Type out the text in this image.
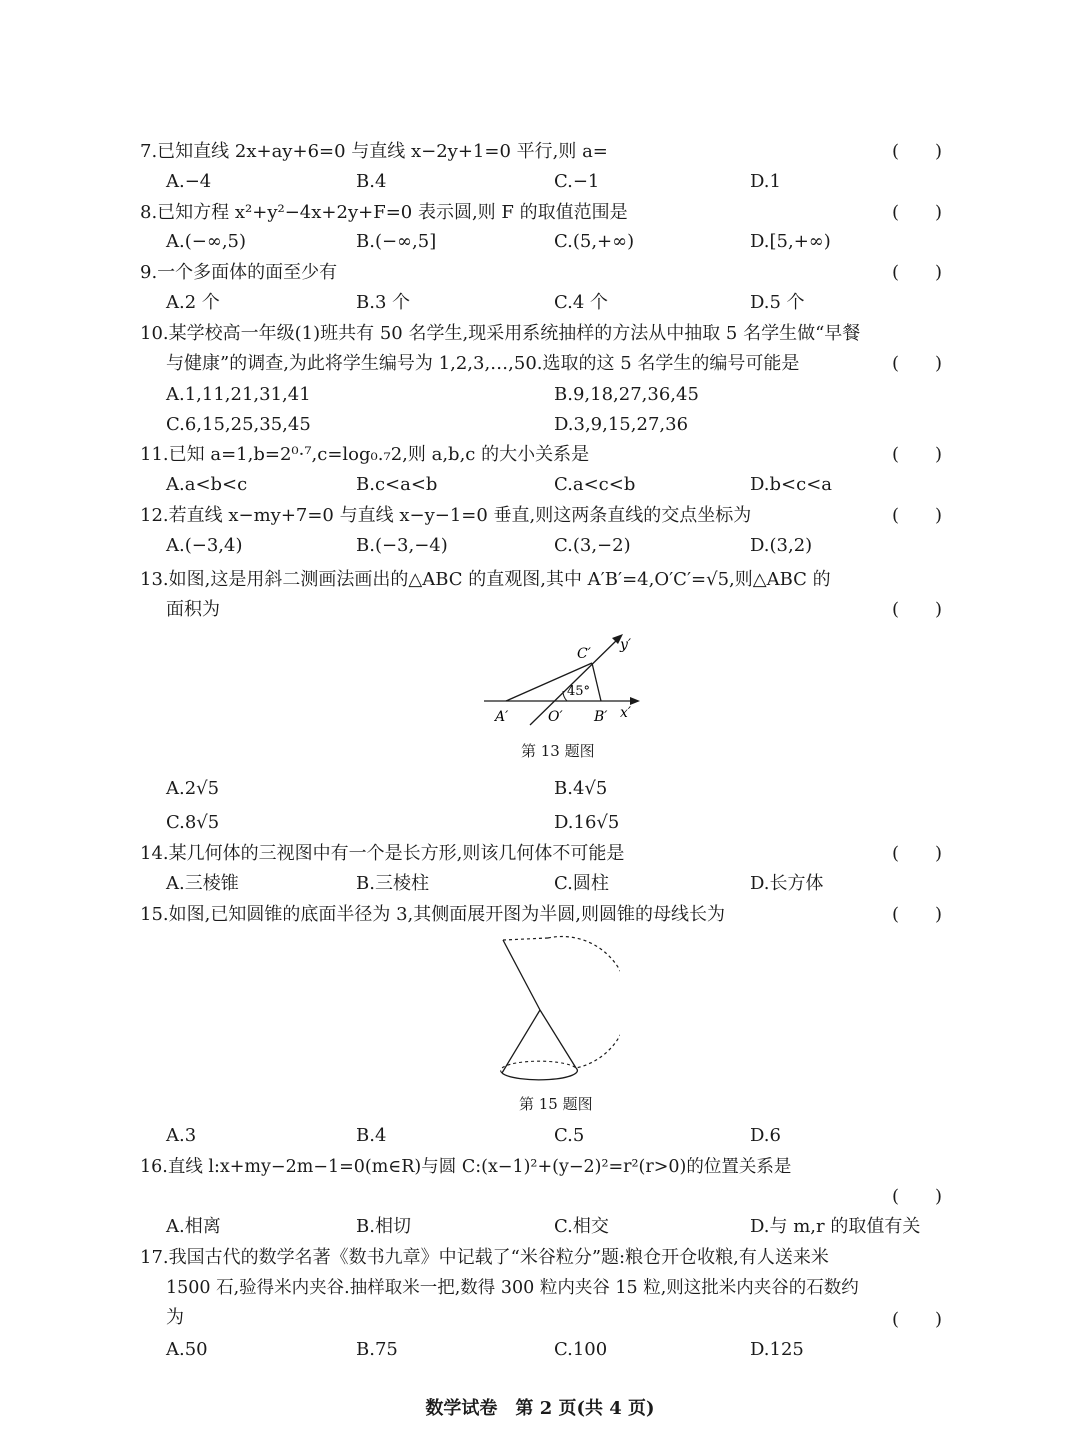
7.已知直线 2x+ay+6=0 与直线 x−2y+1=0 平行,则 a=	(　　)
A.−4	B.4	C.−1	D.1
8.已知方程 x²+y²−4x+2y+F=0 表示圆,则 F 的取值范围是	(　　)
A.(−∞,5)	B.(−∞,5]	C.(5,+∞)	D.[5,+∞)
9.一个多面体的面至少有	(　　)
A.2 个	B.3 个	C.4 个	D.5 个
10.某学校高一年级(1)班共有 50 名学生,现采用系统抽样的方法从中抽取 5 名学生做“早餐
与健康”的调查,为此将学生编号为 1,2,3,…,50.选取的这 5 名学生的编号可能是	(　　)
A.1,11,21,31,41	B.9,18,27,36,45
C.6,15,25,35,45	D.3,9,15,27,36
11.已知 a=1,b=2⁰·⁷,c=log₀.₇2,则 a,b,c 的大小关系是	(　　)
A.a<b<c	B.c<a<b	C.a<c<b	D.b<c<a
12.若直线 x−my+7=0 与直线 x−y−1=0 垂直,则这两条直线的交点坐标为	(　　)
A.(−3,4)	B.(−3,−4)	C.(3,−2)	D.(3,2)
13.如图,这是用斜二测画法画出的△ABC 的直观图,其中 A′B′=4,O′C′=√5,则△ABC 的
面积为	(　　)
C′
y′
45°
A′	O′ B′ x′
第 13 题图
A.2√5	B.4√5
C.8√5	D.16√5
14.某几何体的三视图中有一个是长方形,则该几何体不可能是	(　　)
A.三棱锥	B.三棱柱	C.圆柱	D.长方体
15.如图,已知圆锥的底面半径为 3,其侧面展开图为半圆,则圆锥的母线长为	(　　)
第 15 题图
A.3	B.4	C.5	D.6
16.直线 l:x+my−2m−1=0(m∈R)与圆 C:(x−1)²+(y−2)²=r²(r>0)的位置关系是
(　　)
A.相离	B.相切	C.相交	D.与 m,r 的取值有关
17.我国古代的数学名著《数书九章》中记载了“米谷粒分”题:粮仓开仓收粮,有人送来米
1500 石,验得米内夹谷.抽样取米一把,数得 300 粒内夹谷 15 粒,则这批米内夹谷的石数约
为	(　　)
A.50	B.75	C.100	D.125
数学试卷　第 2 页(共 4 页)
